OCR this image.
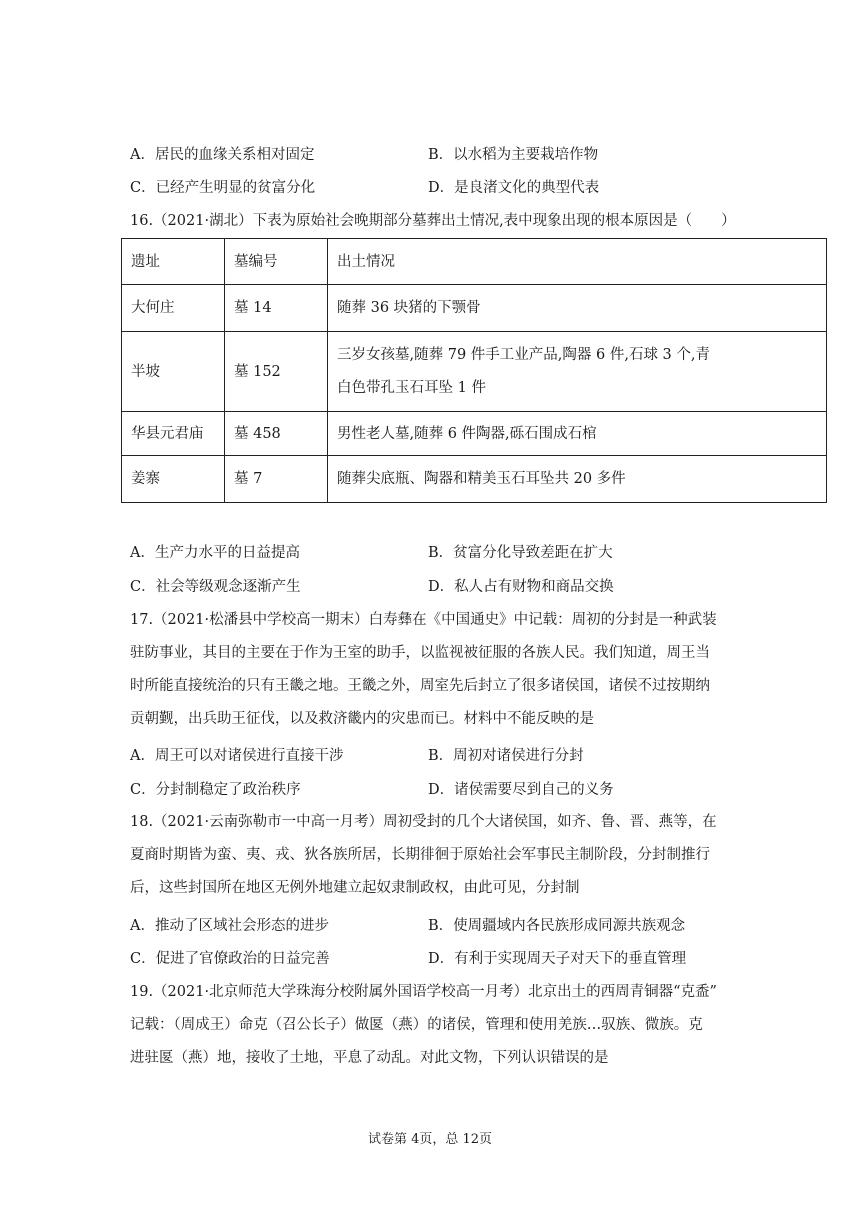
A．居民的血缘关系相对固定	B．以水稻为主要栽培作物
C．已经产生明显的贫富分化	D．是良渚文化的典型代表
16.（2021·湖北）下表为原始社会晚期部分墓葬出土情况,表中现象出现的根本原因是（　　）
遗址	墓编号	出土情况
大何庄	墓 14	随葬 36 块猪的下颚骨
半坡	墓 152	三岁女孩墓,随葬 79 件手工业产品,陶器 6 件,石球 3 个,青
白色带孔玉石耳坠 1 件

华县元君庙	墓 458	男性老人墓,随葬 6 件陶器,砾石围成石棺
姜寨	墓 7	随葬尖底瓶、陶器和精美玉石耳坠共 20 多件
A．生产力水平的日益提高	B．贫富分化导致差距在扩大
C．社会等级观念逐渐产生	D．私人占有财物和商品交换
17.（2021·松潘县中学校高一期末）白寿彝在《中国通史》中记载：周初的分封是一种武装
驻防事业，其目的主要在于作为王室的助手，以监视被征服的各族人民。我们知道，周王当
时所能直接统治的只有王畿之地。王畿之外，周室先后封立了很多诸侯国，诸侯不过按期纳
贡朝觐，出兵助王征伐，以及救济畿内的灾患而已。材料中不能反映的是
A．周王可以对诸侯进行直接干涉	B．周初对诸侯进行分封
C．分封制稳定了政治秩序	D．诸侯需要尽到自己的义务
18.（2021·云南弥勒市一中高一月考）周初受封的几个大诸侯国，如齐、鲁、晋、燕等，在
夏商时期皆为蛮、夷、戎、狄各族所居，长期徘徊于原始社会军事民主制阶段，分封制推行
后，这些封国所在地区无例外地建立起奴隶制政权，由此可见，分封制
A．推动了区域社会形态的进步	B．使周疆域内各民族形成同源共族观念
C．促进了官僚政治的日益完善	D．有利于实现周天子对天下的垂直管理
19.（2021·北京师范大学珠海分校附属外国语学校高一月考）北京出土的西周青铜器“克盉”
记载：（周成王）命克（召公长子）做匽（燕）的诸侯，管理和使用羌族…驭族、微族。克
进驻匽（燕）地，接收了土地，平息了动乱。对此文物，下列认识错误的是
试卷第 4页，总 12页
